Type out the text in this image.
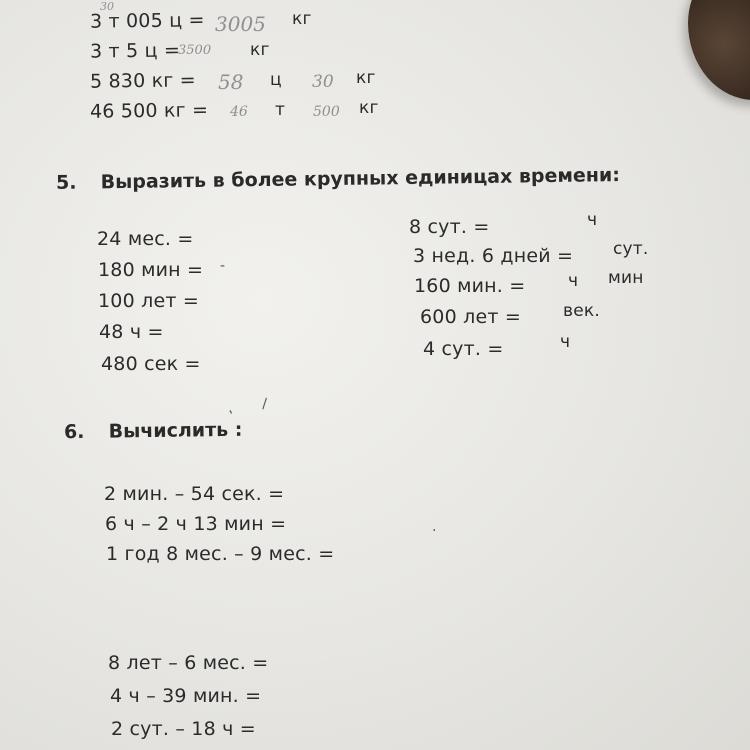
3 т 005 ц =
30
3005 кг
3 т 5 ц =
3500 кг
5 830 кг = 58 ц 30 кг
46 500 кг = 46 т 500 кг
5. Выразить в более крупных единицах времени:
24 мес. =
180 мин = -
100 лет =
48 ч =
480 сек =
8 сут. =	ч
3 нед. 6 дней = сут.
160 мин. =	ч мин
600 лет = век.
4 сут. =	ч
‚ \
6. Вычислить :
2 мин. – 54 сек. =
6 ч – 2 ч 13 мин =	·
1 год 8 мес. – 9 мес. =
8 лет – 6 мес. =
4 ч – 39 мин. =
2 сут. – 18 ч =
